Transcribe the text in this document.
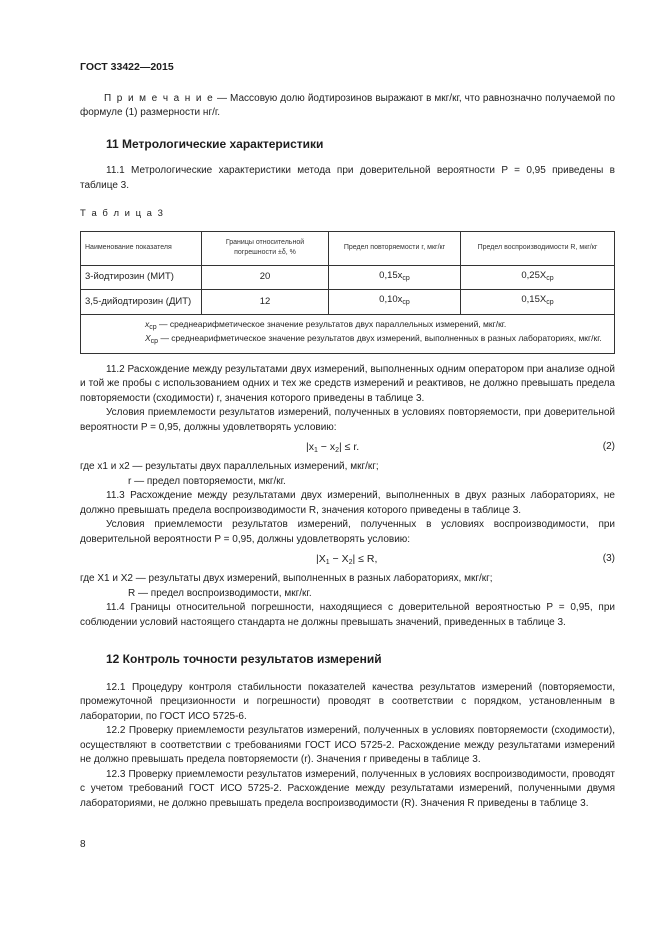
ГОСТ 33422—2015

П р и м е ч а н и е — Массовую долю йодтирозинов выражают в мкг/кг, что равнозначно получаемой по формуле (1) размерности нг/г.

11 Метрологические характеристики

11.1 Метрологические характеристики метода при доверительной вероятности P = 0,95 приведены в таблице 3.

Т а б л и ц а 3
Наименование показателя	Границы относительной погрешности ±δ, %	Предел повторяемости r, мкг/кг	Предел воспроизводимости R, мкг/кг
3-йодтирозин (МИТ)	20	$0,15x_{ср}$	$0,25X_{ср}$
3,5-дийодтирозин (ДИТ)	12	$0,10x_{ср}$	$0,15X_{ср}$

$x_{ср}$ — среднеарифметическое значение результатов двух параллельных измерений, мкг/кг.
$X_{ср}$ — среднеарифметическое значение результатов двух измерений, выполненных в разных лабораториях, мкг/кг.			

11.2 Расхождение между результатами двух измерений, выполненных одним оператором при анализе одной и той же пробы с использованием одних и тех же средств измерений и реактивов, не должно превышать предела повторяемости (сходимости) r, значения которого приведены в таблице 3.

Условия приемлемости результатов измерений, полученных в условиях повторяемости, при доверительной вероятности P = 0,95, должны удовлетворять условию:

$|x_1 - x_2| \le r$.	(2)

где x1 и x2 — результаты двух параллельных измерений, мкг/кг;

r — предел повторяемости, мкг/кг.

11.3 Расхождение между результатами двух измерений, выполненных в двух разных лабораториях, не должно превышать предела воспроизводимости R, значения которого приведены в таблице 3.

Условия приемлемости результатов измерений, полученных в условиях воспроизводимости, при доверительной вероятности P = 0,95, должны удовлетворять условию:

$|X_1 - X_2| \le R$,	(3)

где X1 и X2 — результаты двух измерений, выполненных в разных лабораториях, мкг/кг;

R — предел воспроизводимости, мкг/кг.

11.4 Границы относительной погрешности, находящиеся с доверительной вероятностью P = 0,95, при соблюдении условий настоящего стандарта не должны превышать значений, приведенных в таблице 3.

12 Контроль точности результатов измерений

12.1 Процедуру контроля стабильности показателей качества результатов измерений (повторяемости, промежуточной прецизионности и погрешности) проводят в соответствии с порядком, установленным в лаборатории, по ГОСТ ИСО 5725-6.

12.2 Проверку приемлемости результатов измерений, полученных в условиях повторяемости (сходимости), осуществляют в соответствии с требованиями ГОСТ ИСО 5725-2. Расхождение между результатами измерений не должно превышать предела повторяемости (r). Значения r приведены в таблице 3.

12.3 Проверку приемлемости результатов измерений, полученных в условиях воспроизводимости, проводят с учетом требований ГОСТ ИСО 5725-2. Расхождение между результатами измерений, полученными двумя лабораториями, не должно превышать предела воспроизводимости (R). Значения R приведены в таблице 3.

8
